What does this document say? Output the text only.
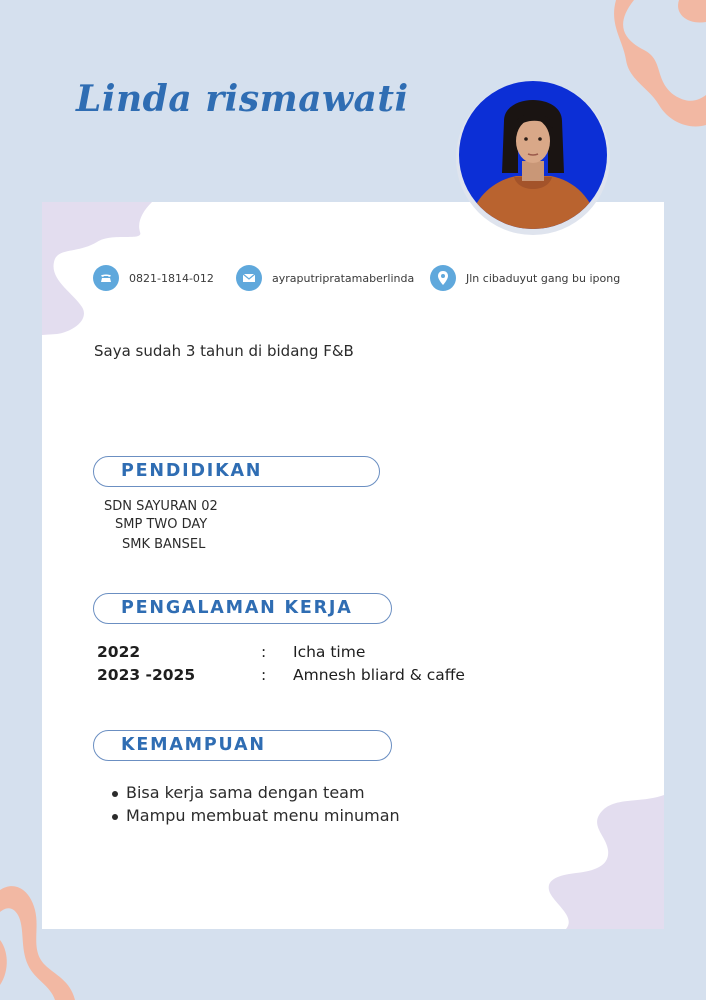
Linda rismawati
0821-1814-012	ayraputripratamaberlinda	Jln cibaduyut gang bu ipong
Saya sudah 3 tahun di bidang F&B
PENDIDIKAN
SDN SAYURAN 02
SMP TWO DAY
SMK BANSEL
PENGALAMAN KERJA
2022	: Icha time
2023 -2025	: Amnesh bliard & caffe
KEMAMPUAN
Bisa kerja sama dengan team
Mampu membuat menu minuman
